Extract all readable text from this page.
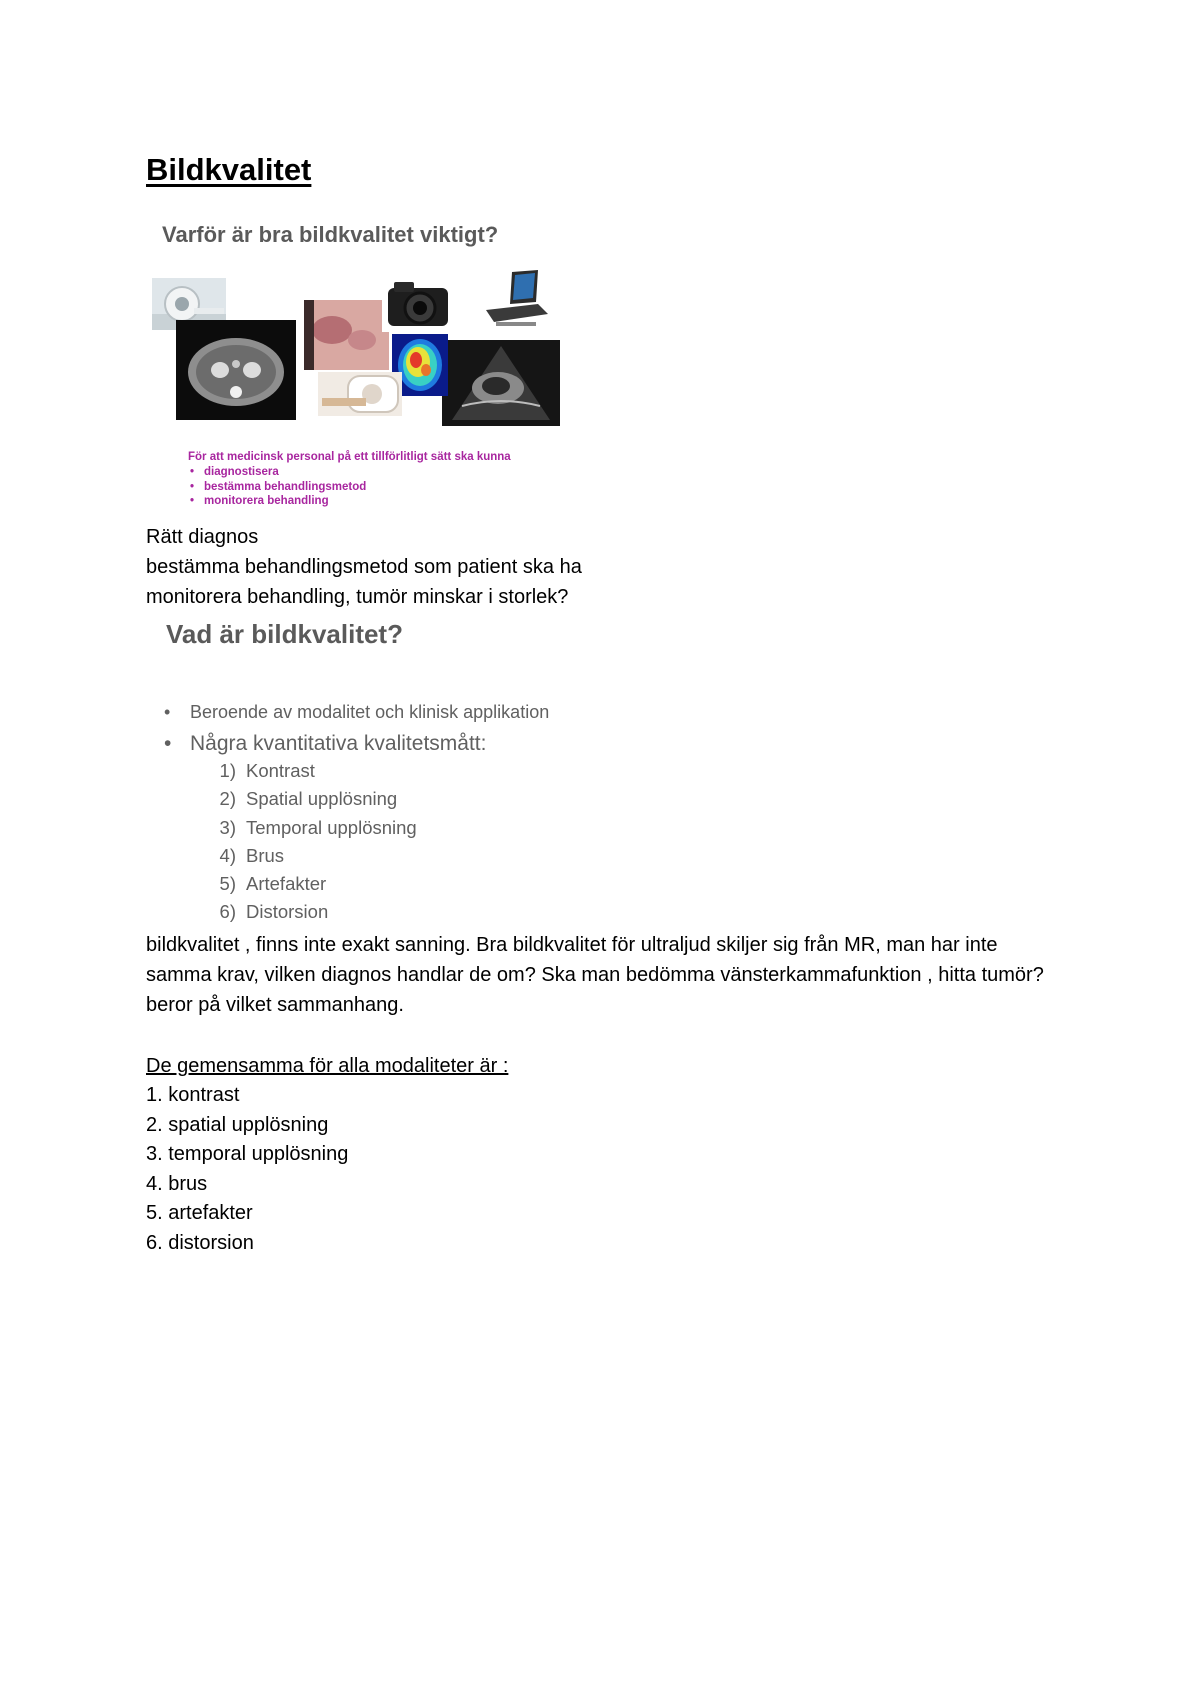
Bildkvalitet
Varför är bra bildkvalitet viktigt?

För att medicinsk personal på ett tillförlitligt sätt ska kunna

• diagnostisera
• bestämma behandlingsmetod
• monitorera behandling

Rätt diagnos

bestämma behandlingsmetod som patient ska ha

monitorera behandling, tumör minskar i storlek?

Vad är bildkvalitet?
• Beroende av modalitet och klinisk applikation
• Några kvantitativa kvalitetsmått:
1) Kontrast
2) Spatial upplösning
3) Temporal upplösning
4) Brus
5) Artefakter
6) Distorsion

bildkvalitet , finns inte exakt sanning. Bra bildkvalitet för ultraljud skiljer sig från MR, man har inte samma krav, vilken diagnos handlar de om? Ska man bedömma vänsterkammafunktion , hitta tumör? beror på vilket sammanhang.

De gemensamma för alla modaliteter är :

1. kontrast
2. spatial upplösning
3. temporal upplösning
4. brus
5. artefakter
6. distorsion
